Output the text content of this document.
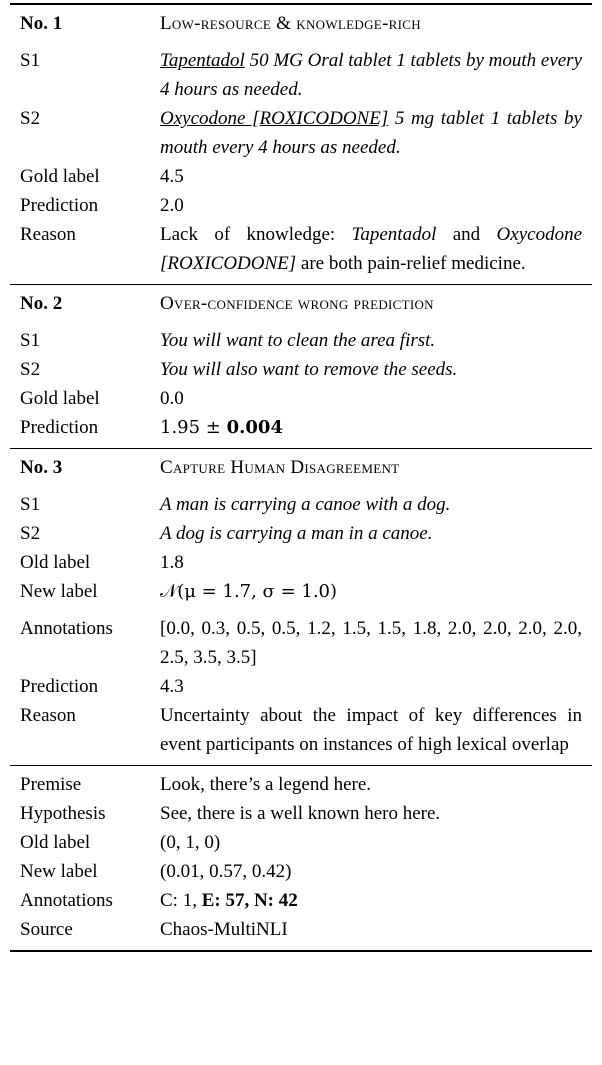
No. 1	Low-resource & knowledge-rich
S1	Tapentadol 50 MG Oral tablet 1 tablets by mouth every 4 hours as needed.
S2	Oxycodone [ROXICODONE] 5 mg tablet 1 tablets by mouth every 4 hours as needed.
Gold label	4.5
Prediction	2.0
Reason	Lack of knowledge: Tapentadol and Oxycodone [ROXICODONE] are both pain-relief medicine.
No. 2	Over-confidence wrong prediction
S1	You will want to clean the area first.
S2	You will also want to remove the seeds.
Gold label	0.0
Prediction	1.95 ± 0.004
No. 3	Capture Human Disagreement
S1	A man is carrying a canoe with a dog.
S2	A dog is carrying a man in a canoe.
Old label	1.8
New label	𝒩(μ = 1.7, σ = 1.0)
Annotations	[0.0, 0.3, 0.5, 0.5, 1.2, 1.5, 1.5, 1.8, 2.0, 2.0, 2.0, 2.0, 2.5, 3.5, 3.5]
Prediction	4.3
Reason	Uncertainty about the impact of key differences in event participants on instances of high lexical overlap
Premise	Look, there’s a legend here.
Hypothesis	See, there is a well known hero here.
Old label	(0, 1, 0)
New label	(0.01, 0.57, 0.42)
Annotations	C: 1, E: 57, N: 42
Source	Chaos-MultiNLI
